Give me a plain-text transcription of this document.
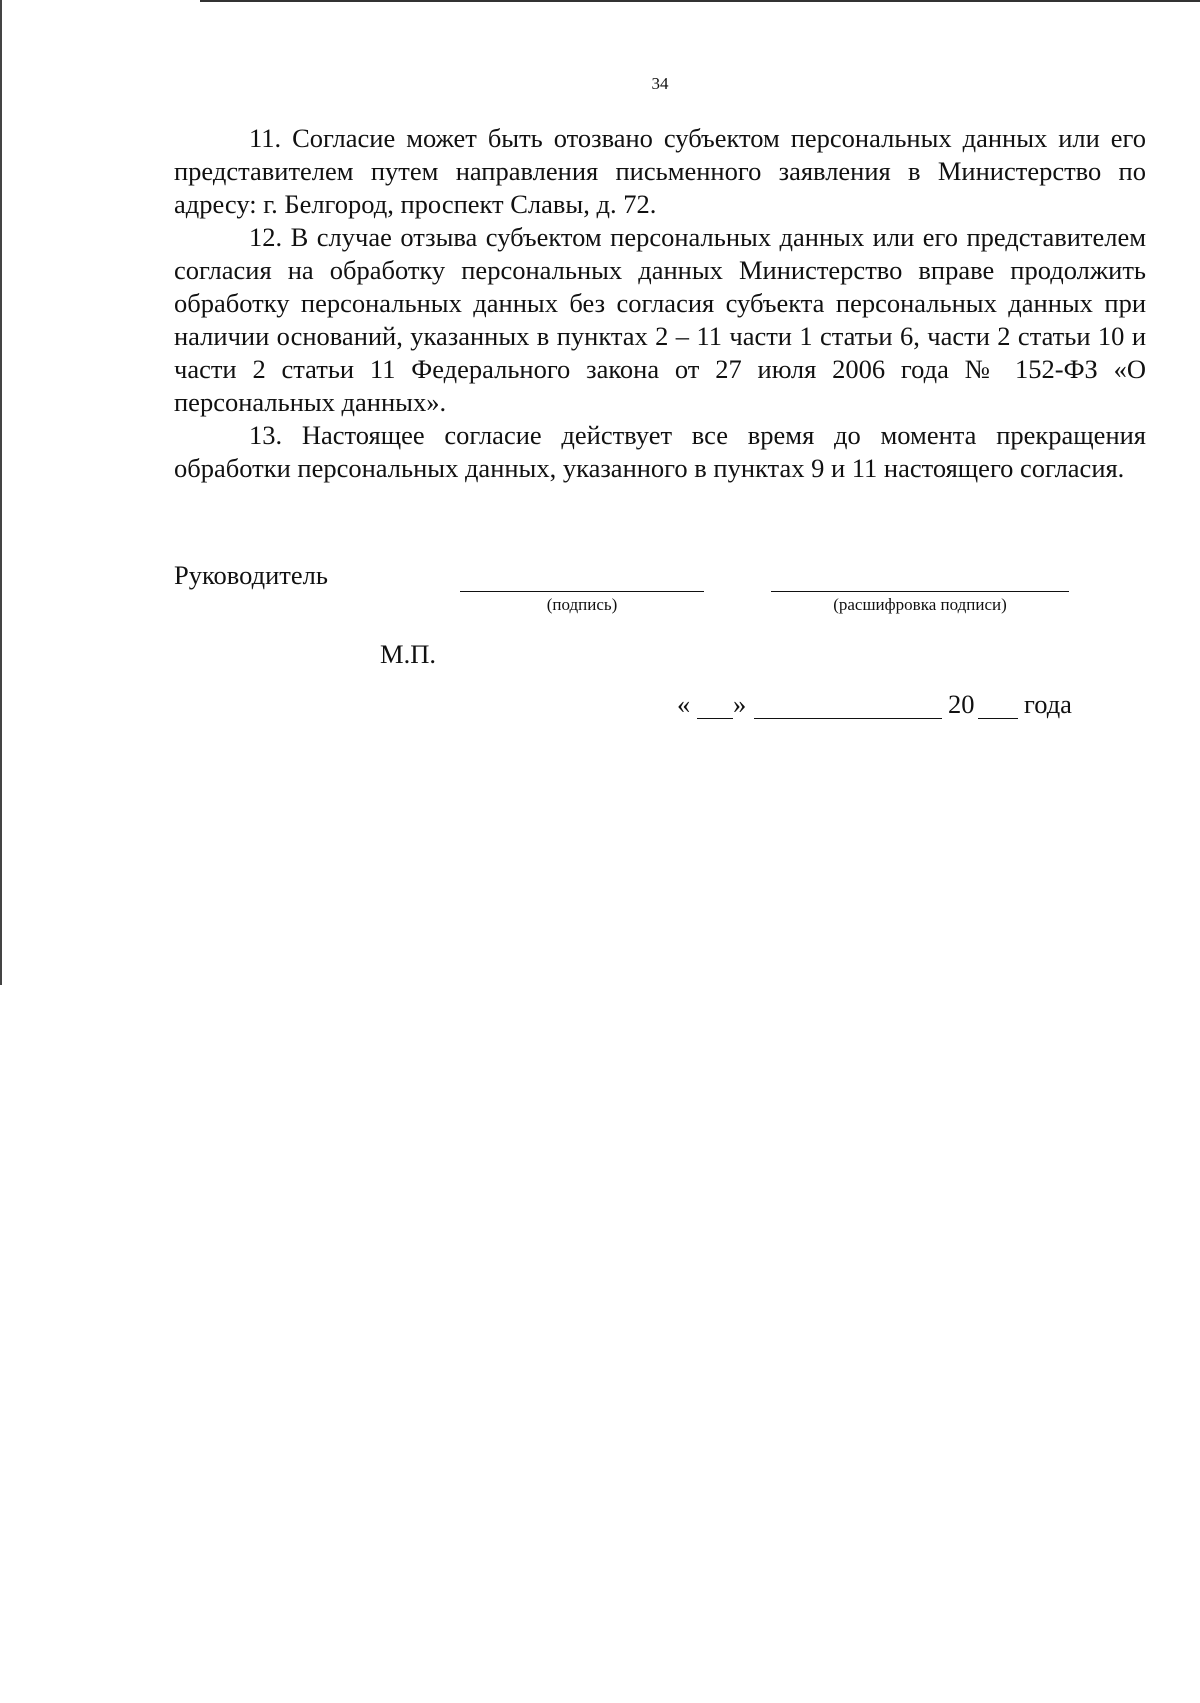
34

11. Согласие может быть отозвано субъектом персональных данных или его представителем путем направления письменного заявления в Министерство по адресу: г. Белгород, проспект Славы, д. 72.

12. В случае отзыва субъектом персональных данных или его представителем согласия на обработку персональных данных Министерство вправе продолжить обработку персональных данных без согласия субъекта персональных данных при наличии оснований, указанных в пунктах 2 – 11 части 1 статьи 6, части 2 статьи 10 и части 2 статьи 11 Федерального закона от 27 июля 2006 года № 152-ФЗ «О персональных данных».

13. Настоящее согласие действует все время до момента прекращения обработки персональных данных, указанного в пунктах 9 и 11 настоящего согласия.

Руководитель
(подпись)	(расшифровка подписи)
М.П.
« »	20 года
